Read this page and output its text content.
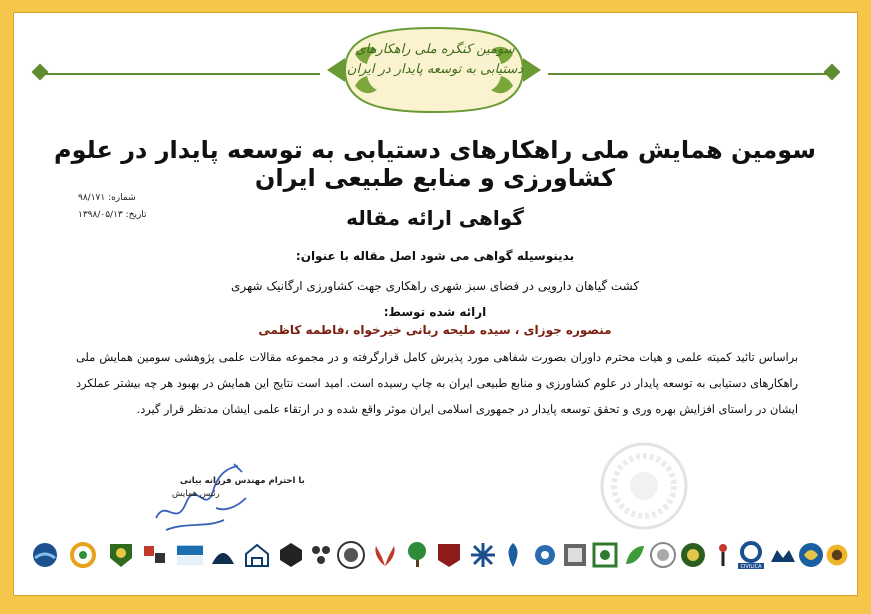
سومین کنگره ملی راهکارهای
دستیابی به توسعه پایدار در ایران
سومین همایش ملی راهکارهای دستیابی به توسعه پایدار در علوم کشاورزی و منابع طبیعی ایران
شماره: ۹۸/۱۷۱
تاریخ: ۱۳۹۸/۰۵/۱۳	گواهی ارائه مقاله
بدینوسیله گواهی می شود اصل مقاله با عنوان:
کشت گیاهان دارویی در فضای سبز شهری راهکاری جهت کشاورزی ارگانیک شهری
ارائه شده توسط:
منصوره جوزای ، سیده ملیحه ربانی خیرخواه ،فاطمه کاظمی
براساس تائید کمیته علمی و هیات محترم داوران بصورت شفاهی مورد پذیرش کامل قرارگرفته و در مجموعه مقالات علمی پژوهشی سومین همایش ملی راهکارهای دستیابی به توسعه پایدار در علوم کشاورزی و منابع طبیعی ایران به چاپ رسیده است. امید است نتایج این همایش در بهبود هر چه بیشتر عملکرد ایشان در راستای افزایش بهره وری و تحقق توسعه پایدار در جمهوری اسلامی ایران موثر واقع شده و در ارتقاء علمی ایشان مدنظر قرار گیرد.
با احترام مهندس فرزانه بیانی
رئیس همایش
CIVILICA
